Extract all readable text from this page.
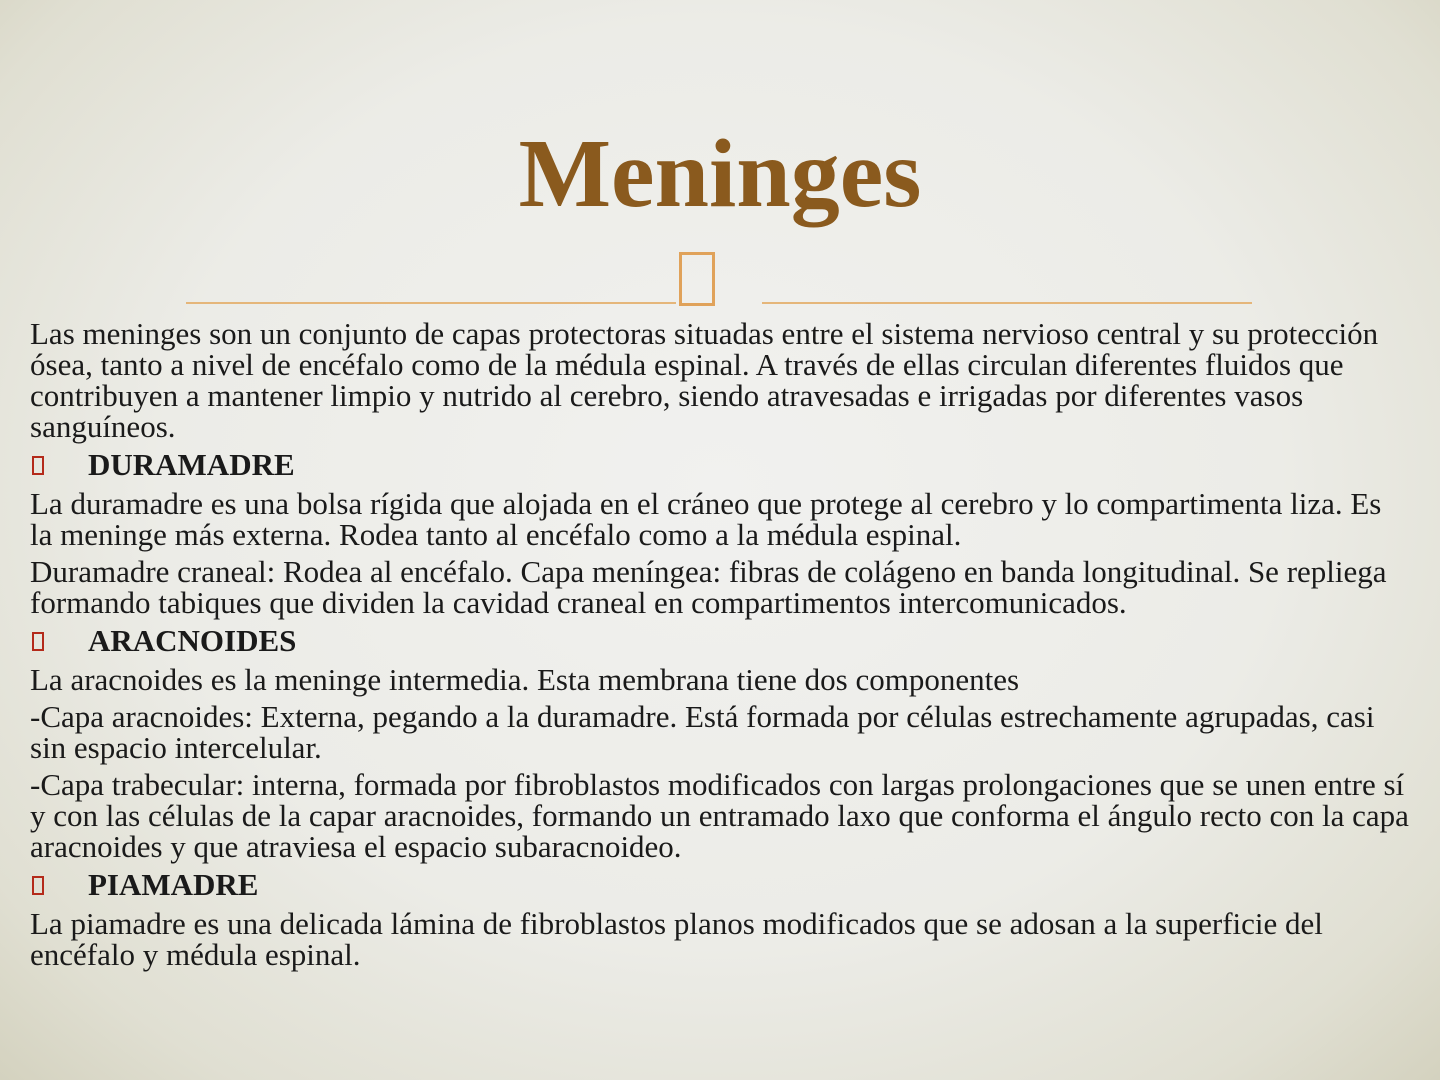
Meninges

Las meninges son un conjunto de capas protectoras situadas entre el sistema nervioso central y su protección ósea, tanto a nivel de encéfalo como de la médula espinal. A través de ellas circulan diferentes fluidos que contribuyen a mantener limpio y nutrido al cerebro, siendo atravesadas e irrigadas por diferentes vasos sanguíneos.

DURAMADRE

La duramadre es una bolsa rígida que alojada en el cráneo que protege al cerebro y lo compartimenta liza. Es la meninge más externa. Rodea tanto al encéfalo como a la médula espinal.

Duramadre craneal: Rodea al encéfalo. Capa meníngea: fibras de colágeno en banda longitudinal. Se repliega formando tabiques que dividen la cavidad craneal en compartimentos intercomunicados.

ARACNOIDES

La aracnoides es la meninge intermedia. Esta membrana tiene dos componentes

-Capa aracnoides: Externa, pegando a la duramadre. Está formada por células estrechamente agrupadas, casi sin espacio intercelular.

-Capa trabecular: interna, formada por fibroblastos modificados con largas prolongaciones que se unen entre sí y con las células de la capar aracnoides, formando un entramado laxo que conforma el ángulo recto con la capa aracnoides y que atraviesa el espacio subaracnoideo.

PIAMADRE

La piamadre es una delicada lámina de fibroblastos planos modificados que se adosan a la superficie del encéfalo y médula espinal.
